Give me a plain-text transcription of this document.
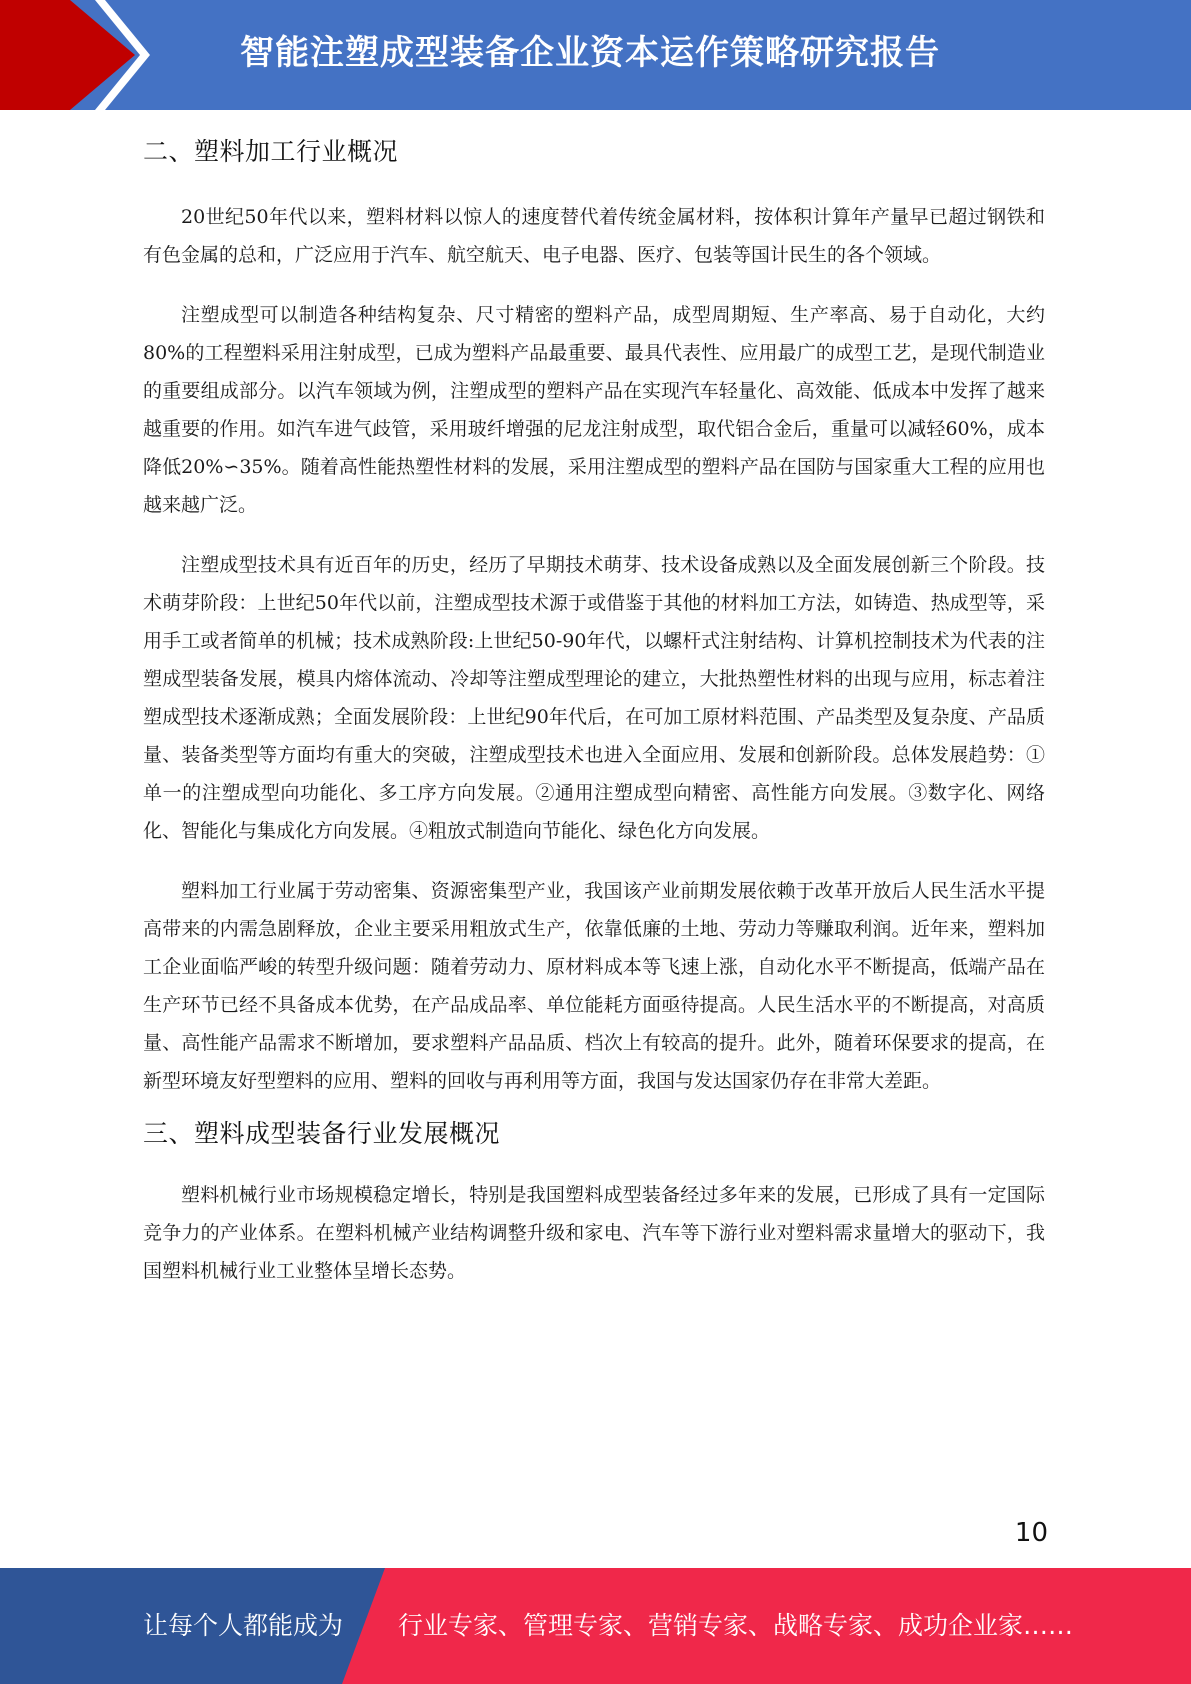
智能注塑成型装备企业资本运作策略研究报告
二、塑料加工行业概况

20世纪50年代以来，塑料材料以惊人的速度替代着传统金属材料，按体积计算年产量早已超过钢铁和有色金属的总和，广泛应用于汽车、航空航天、电子电器、医疗、包装等国计民生的各个领域。

注塑成型可以制造各种结构复杂、尺寸精密的塑料产品，成型周期短、生产率高、易于自动化，大约80%的工程塑料采用注射成型，已成为塑料产品最重要、最具代表性、应用最广的成型工艺，是现代制造业的重要组成部分。以汽车领域为例，注塑成型的塑料产品在实现汽车轻量化、高效能、低成本中发挥了越来越重要的作用。如汽车进气歧管，采用玻纤增强的尼龙注射成型，取代铝合金后，重量可以减轻60%，成本降低20%∽35%。随着高性能热塑性材料的发展，采用注塑成型的塑料产品在国防与国家重大工程的应用也越来越广泛。

注塑成型技术具有近百年的历史，经历了早期技术萌芽、技术设备成熟以及全面发展创新三个阶段。技术萌芽阶段：上世纪50年代以前，注塑成型技术源于或借鉴于其他的材料加工方法，如铸造、热成型等，采用手工或者简单的机械；技术成熟阶段:上世纪50-90年代，以螺杆式注射结构、计算机控制技术为代表的注塑成型装备发展，模具内熔体流动、冷却等注塑成型理论的建立，大批热塑性材料的出现与应用，标志着注塑成型技术逐渐成熟；全面发展阶段：上世纪90年代后，在可加工原材料范围、产品类型及复杂度、产品质量、装备类型等方面均有重大的突破，注塑成型技术也进入全面应用、发展和创新阶段。总体发展趋势：①单一的注塑成型向功能化、多工序方向发展。②通用注塑成型向精密、高性能方向发展。③数字化、网络化、智能化与集成化方向发展。④粗放式制造向节能化、绿色化方向发展。

塑料加工行业属于劳动密集、资源密集型产业，我国该产业前期发展依赖于改革开放后人民生活水平提高带来的内需急剧释放，企业主要采用粗放式生产，依靠低廉的土地、劳动力等赚取利润。近年来，塑料加工企业面临严峻的转型升级问题：随着劳动力、原材料成本等飞速上涨，自动化水平不断提高，低端产品在生产环节已经不具备成本优势，在产品成品率、单位能耗方面亟待提高。人民生活水平的不断提高，对高质量、高性能产品需求不断增加，要求塑料产品品质、档次上有较高的提升。此外，随着环保要求的提高，在新型环境友好型塑料的应用、塑料的回收与再利用等方面，我国与发达国家仍存在非常大差距。

三、塑料成型装备行业发展概况

塑料机械行业市场规模稳定增长，特别是我国塑料成型装备经过多年来的发展，已形成了具有一定国际竞争力的产业体系。在塑料机械产业结构调整升级和家电、汽车等下游行业对塑料需求量增大的驱动下，我国塑料机械行业工业整体呈增长态势。

10
让每个人都能成为 行业专家、管理专家、营销专家、战略专家、成功企业家……
